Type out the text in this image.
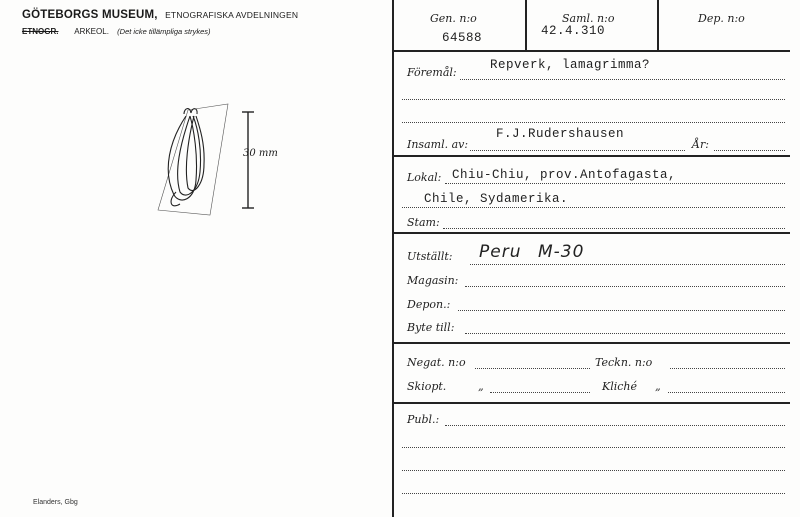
GÖTEBORGS MUSEUM, ETNOGRAFISKA AVDELNINGEN
ETNOGR. ARKEOL. (Det icke tillämpliga strykes)
30 mm
Elanders, Gbg
Gen. n:o
64588
Saml. n:o
42.4.310
Dep. n:o
Föremål:
Repverk, lamagrimma?
Insaml. av:
F.J.Rudershausen
År:
Lokal: Chiu-Chiu, prov.Antofagasta,
Chile, Sydamerika.
Stam:
Utställt: Peru M-30
Magasin:
Depon.:
Byte till:
Negat. n:o	Teckn. n:o
Skiopt.	„	Kliché „
Publ.:
